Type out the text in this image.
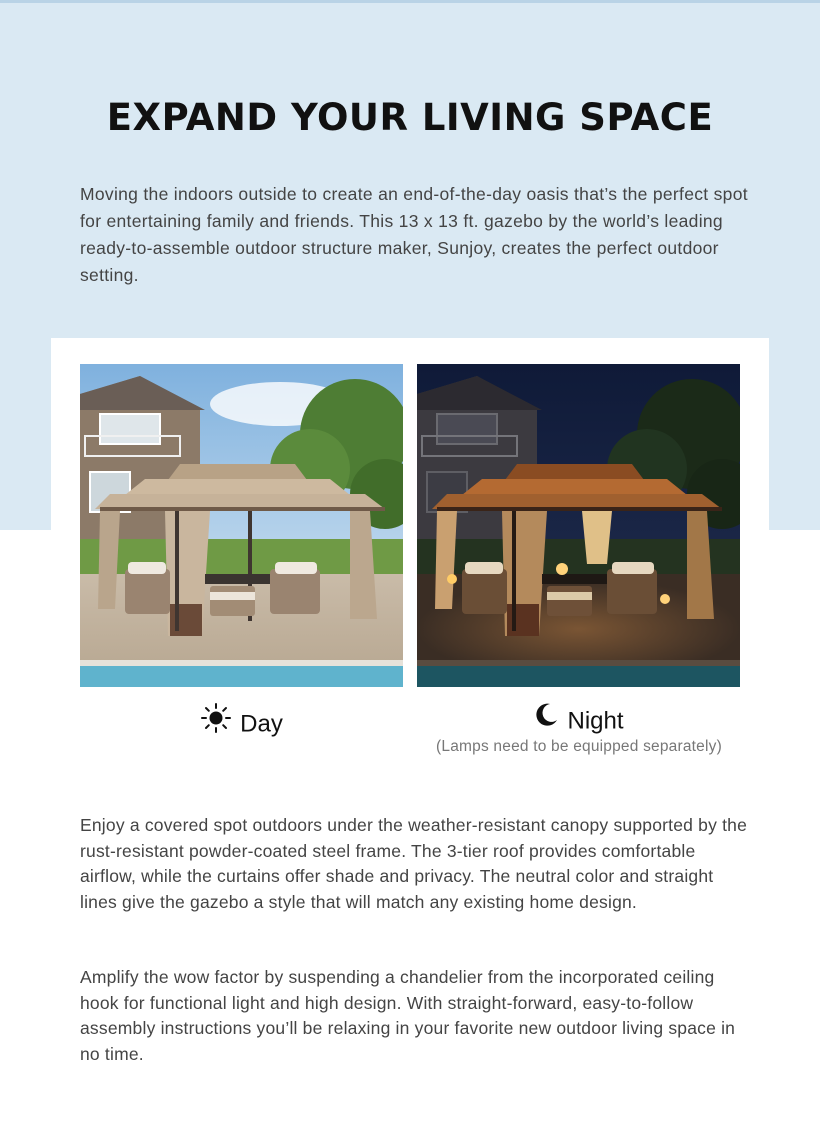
EXPAND YOUR LIVING SPACE

Moving the indoors outside to create an end-of-the-day oasis that’s the perfect spot for entertaining family and friends. This 13 x 13 ft. gazebo by the world’s leading ready-to-assemble outdoor structure maker, Sunjoy, creates the perfect outdoor setting.

Day	Night
(Lamps need to be equipped separately)

Enjoy a covered spot outdoors under the weather-resistant canopy supported by the rust-resistant powder-coated steel frame. The 3-tier roof provides comfortable airflow, while the curtains offer shade and privacy. The neutral color and straight lines give the gazebo a style that will match any existing home design.

Amplify the wow factor by suspending a chandelier from the incorporated ceiling hook for functional light and high design. With straight-forward, easy-to-follow assembly instructions you’ll be relaxing in your favorite new outdoor living space in no time.
